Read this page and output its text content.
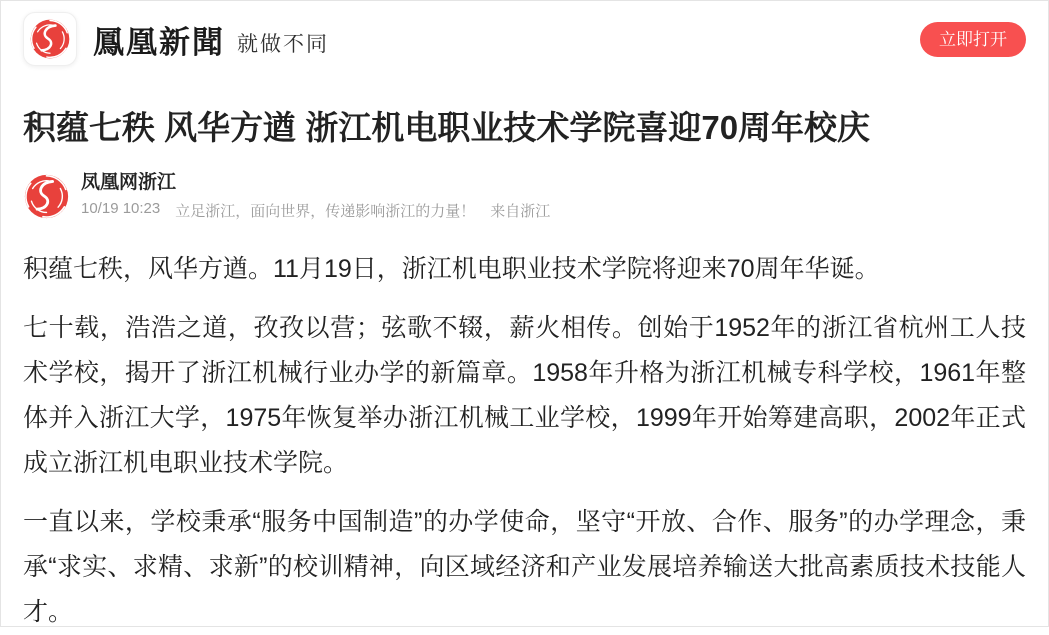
鳳凰新聞 就做不同	立即打开
积蕴七秩 风华方遒 浙江机电职业技术学院喜迎70周年校庆
凤凰网浙江
10/19 10:23 立足浙江，面向世界，传递影响浙江的力量！ 来自浙江

积蕴七秩，风华方遒。11月19日，浙江机电职业技术学院将迎来70周年华诞。

七十载，浩浩之道，孜孜以营；弦歌不辍，薪火相传。创始于1952年的浙江省杭州工人技术学校，揭开了浙江机械行业办学的新篇章。1958年升格为浙江机械专科学校，1961年整体并入浙江大学，1975年恢复举办浙江机械工业学校，1999年开始筹建高职，2002年正式成立浙江机电职业技术学院。

一直以来，学校秉承“服务中国制造”的办学使命，坚守“开放、合作、服务”的办学理念，秉承“求实、求精、求新”的校训精神，向区域经济和产业发展培养输送大批高素质技术技能人才。
